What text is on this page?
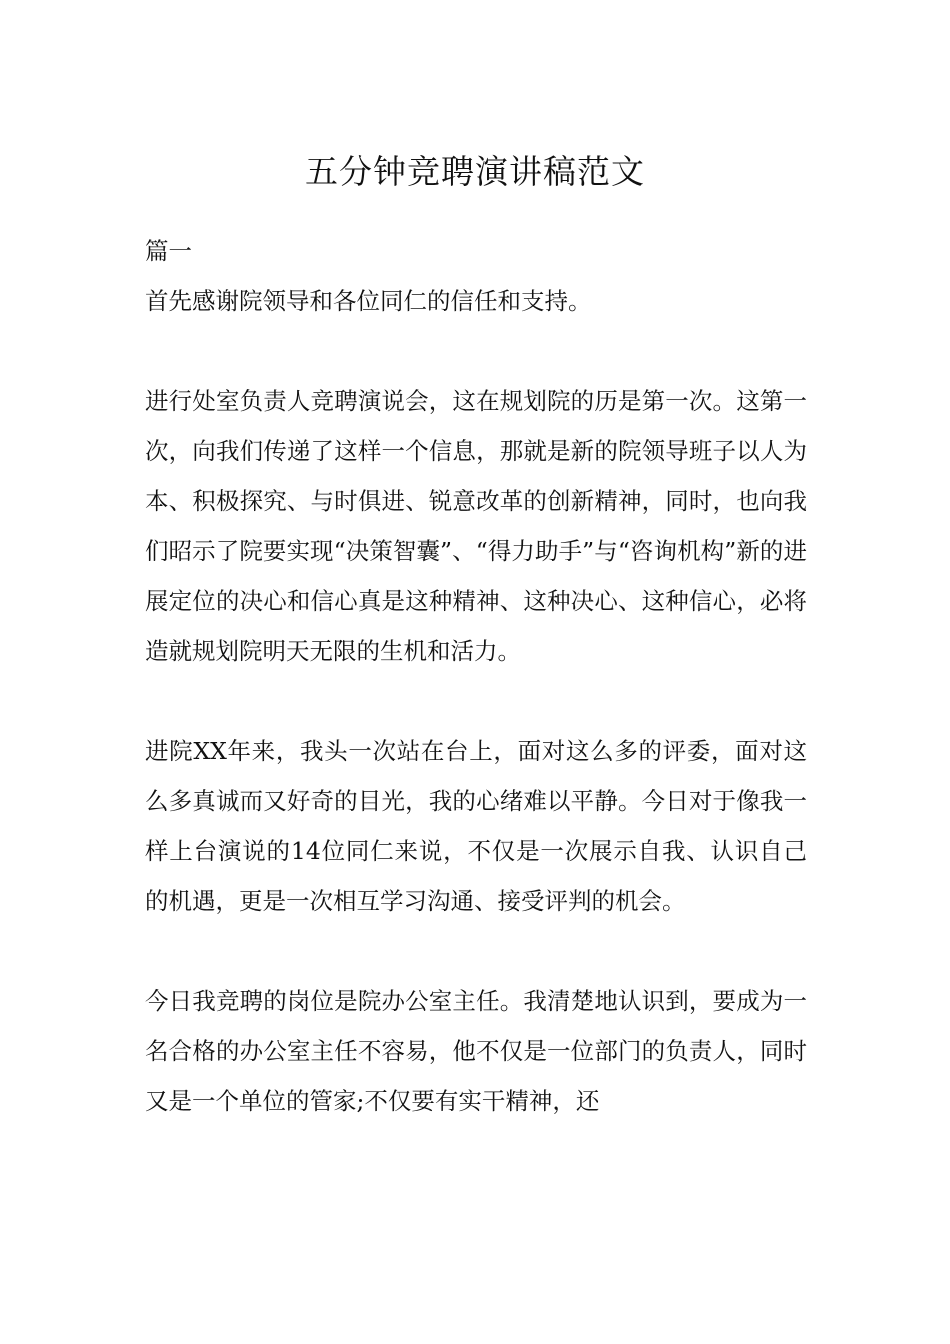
五分钟竞聘演讲稿范文

篇一

首先感谢院领导和各位同仁的信任和支持。

进行处室负责人竞聘演说会，这在规划院的历是第一次。这第一次，向我们传递了这样一个信息，那就是新的院领导班子以人为本、积极探究、与时俱进、锐意改革的创新精神，同时，也向我们昭示了院要实现“决策智囊”、“得力助手”与“咨询机构”新的进展定位的决心和信心真是这种精神、这种决心、这种信心，必将造就规划院明天无限的生机和活力。

进院XX年来，我头一次站在台上，面对这么多的评委，面对这么多真诚而又好奇的目光，我的心绪难以平静。今日对于像我一样上台演说的14位同仁来说，不仅是一次展示自我、认识自己的机遇，更是一次相互学习沟通、接受评判的机会。

今日我竞聘的岗位是院办公室主任。我清楚地认识到，要成为一名合格的办公室主任不容易，他不仅是一位部门的负责人，同时又是一个单位的管家;不仅要有实干精神，还
